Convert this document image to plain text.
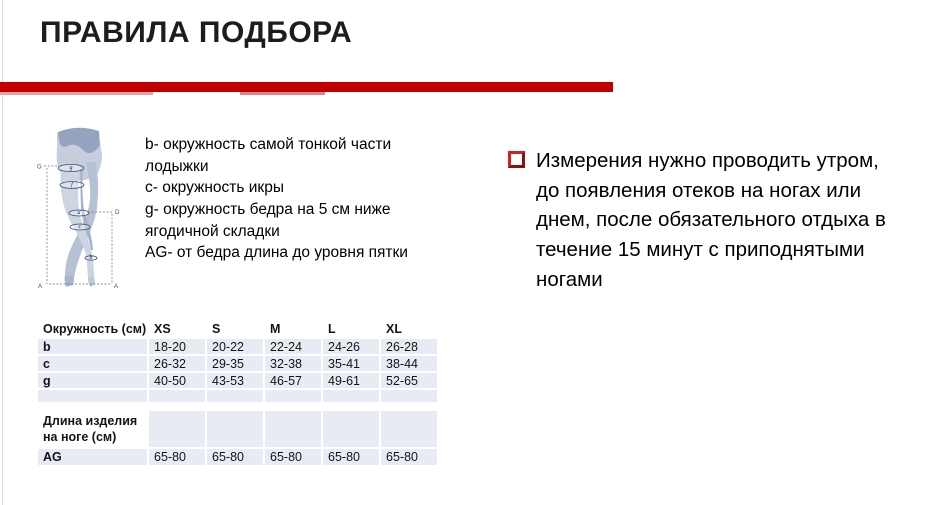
ПРАВИЛА ПОДБОРА
g
f
d
c
b
G
D
A	A
b- окружность самой тонкой части лодыжки
c- окружность икры
g- окружность бедра на 5 см ниже ягодичной складки
AG- от бедра длина до уровня пятки
Измерения нужно проводить утром, до появления отеков на ногах или днем, после обязательного отдыха в течение 15 минут с приподнятыми ногами
Окружность (см)	XS	S	M	L	XL
b	18-20	20-22	22-24	24-26	26-28
c	26-32	29-35	32-38	35-41	38-44
g	40-50	43-53	46-57	49-61	52-65

Длина изделия на ноге (см)					
AG	65-80	65-80	65-80	65-80	65-80
